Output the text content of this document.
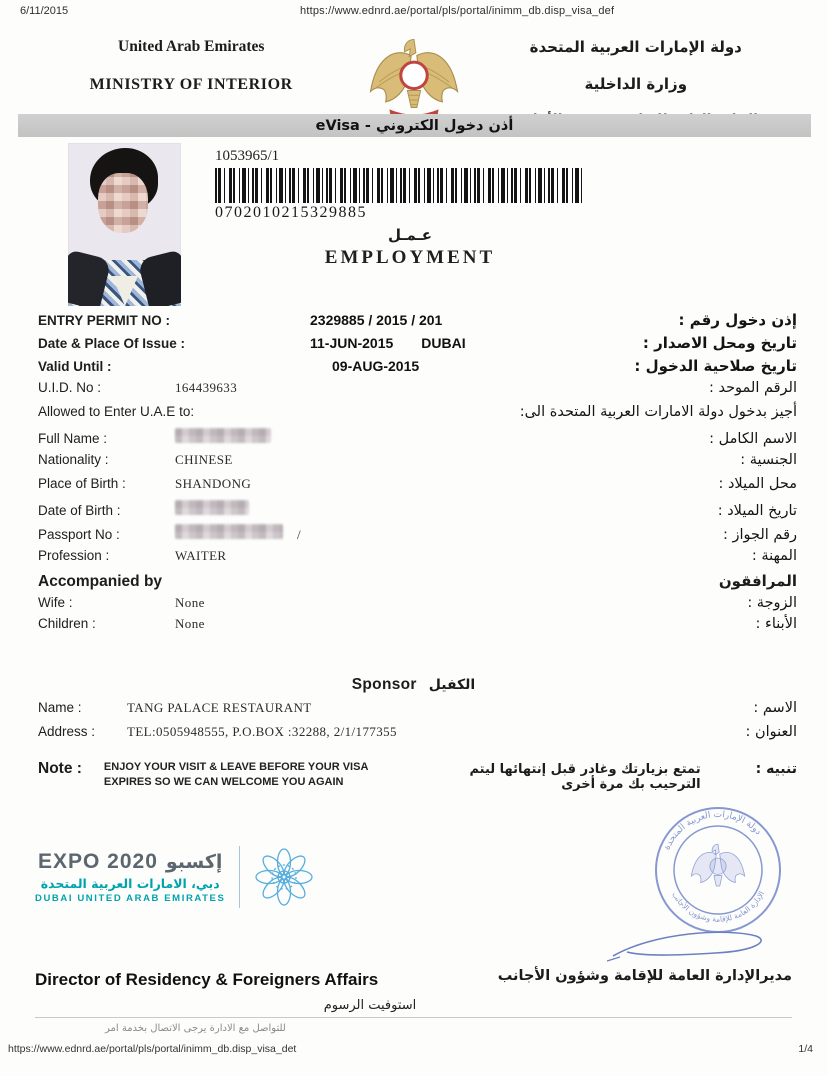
6/11/2015	https://www.ednrd.ae/portal/pls/portal/inimm_db.disp_visa_def
United Arab Emirates
MINISTRY OF INTERIOR
دولة الإمارات العربية المتحدة
وزارة الداخلية
أذن دخول الكتروني - eVisa
1053965/1
0702010215329885
عـمـل
EMPLOYMENT
ENTRY PERMIT NO :	2329885 / 2015 / 201	إذن دخول رقم :
Date & Place Of Issue :	11-JUN-2015 DUBAI	تاريخ ومحل الاصدار :
Valid Until :	09-AUG-2015	تاريخ صلاحية الدخول :
U.I.D. No :	164439633	الرقم الموحد :
Allowed to Enter U.A.E to:	أجيز بدخول دولة الامارات العربية المتحدة الى:
Full Name :	الاسم الكامل :
Nationality :	CHINESE	الجنسية :
Place of Birth :	SHANDONG	محل الميلاد :
Date of Birth :	تاريخ الميلاد :
Passport No :	/	رقم الجواز :
Profession :	WAITER	المهنة :
Accompanied by	المرافقون
Wife :	None	الزوجة :
Children :	None	الأبناء :
Sponsor الكفيل
Name :	TANG PALACE RESTAURANT	الاسم :
Address :	TEL:0505948555, P.O.BOX :32288, 2/1/177355	العنوان :
Note : ENJOY YOUR VISIT & LEAVE BEFORE YOUR VISA EXPIRES SO WE CAN WELCOME YOU AGAIN
تمتع بزيارتك وغادر قبل إنتهائها ليتم الترحيب بك مرة أخرى
تنبيه :
EXPO 2020 إكسبو
دبي، الامارات العربية المتحدة
DUBAI UNITED ARAB EMIRATES
دولة الإمارات العربية المتحدة
الإدارة العامة للإقامة وشؤون الأجانب
Director of Residency & Foreigners Affairs	مديرالإدارة العامة للإقامة وشؤون الأجانب
استوفيت الرسوم
للتواصل مع الادارة يرجى الاتصال بخدمة امر
https://www.ednrd.ae/portal/pls/portal/inimm_db.disp_visa_det	1/4
